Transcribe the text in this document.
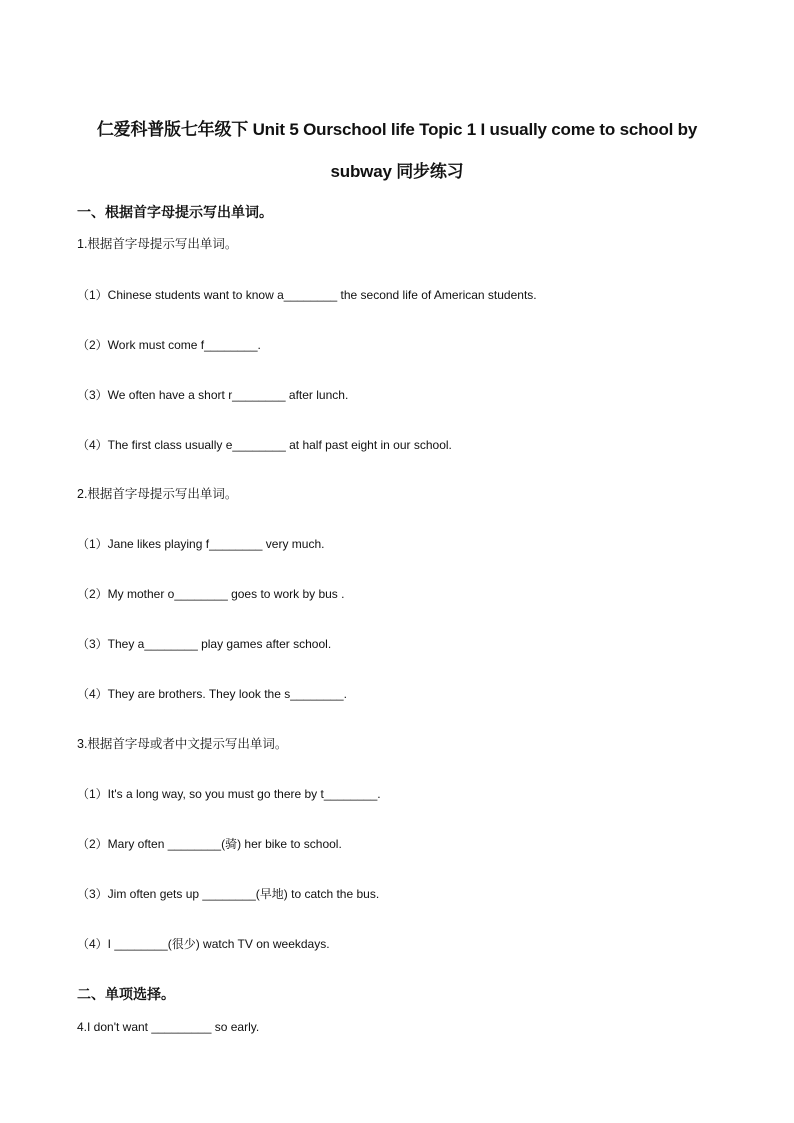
仁爱科普版七年级下 Unit 5 Ourschool life Topic 1 I usually come to school by
subway 同步练习
一、根据首字母提示写出单词。
1.根据首字母提示写出单词。
（1）Chinese students want to know a________ the second life of American students.
（2）Work must come f________.
（3）We often have a short r________ after lunch.
（4）The first class usually e________ at half past eight in our school.
2.根据首字母提示写出单词。
（1）Jane likes playing f________ very much.
（2）My mother o________ goes to work by bus .
（3）They a________ play games after school.
（4）They are brothers. They look the s________.
3.根据首字母或者中文提示写出单词。
（1）It's a long way, so you must go there by t________.
（2）Mary often ________(骑) her bike to school.
（3）Jim often gets up ________(早地) to catch the bus.
（4）I ________(很少) watch TV on weekdays.
二、单项选择。
4.I don't want _________ so early.
